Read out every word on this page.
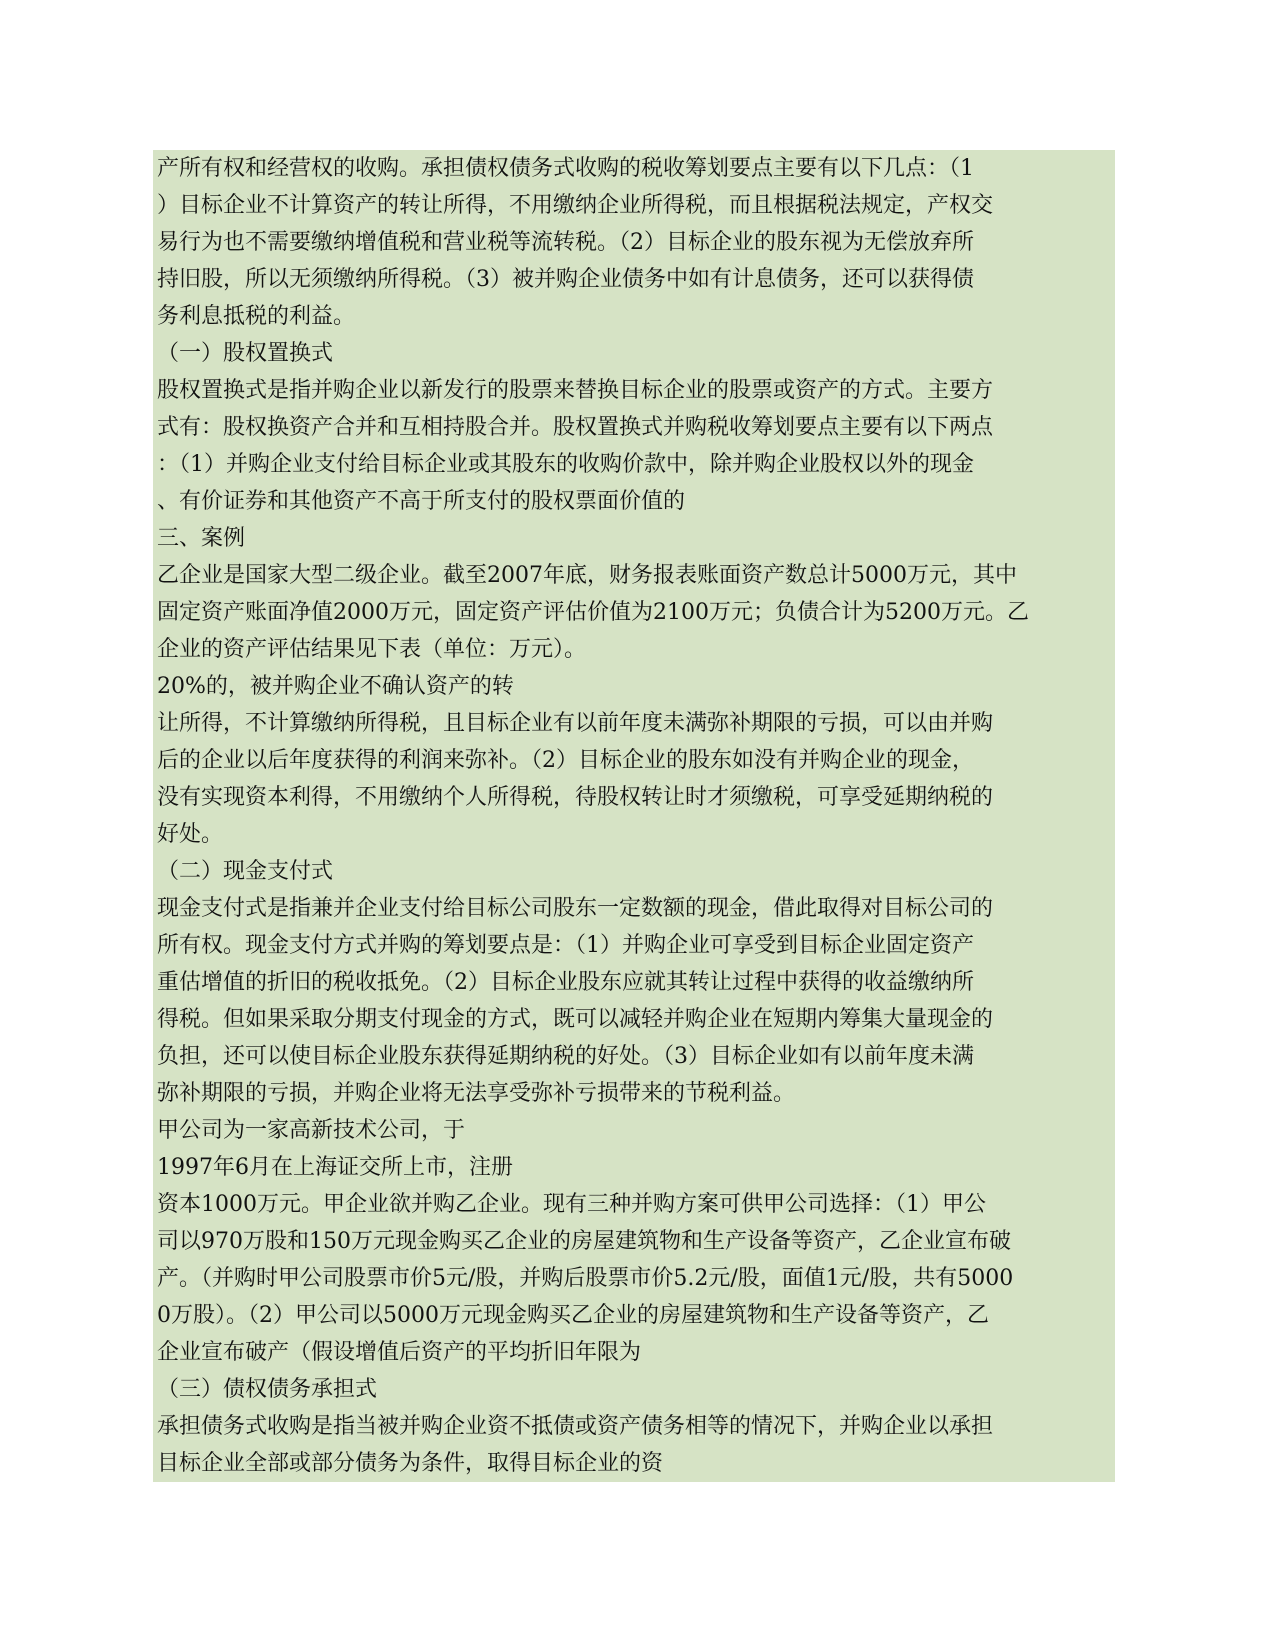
产所有权和经营权的收购。承担债权债务式收购的税收筹划要点主要有以下几点：（1
）目标企业不计算资产的转让所得，不用缴纳企业所得税，而且根据税法规定，产权交
易行为也不需要缴纳增值税和营业税等流转税。（2）目标企业的股东视为无偿放弃所
持旧股，所以无须缴纳所得税。（3）被并购企业债务中如有计息债务，还可以获得债
务利息抵税的利益。
（一）股权置换式
股权置换式是指并购企业以新发行的股票来替换目标企业的股票或资产的方式。主要方
式有：股权换资产合并和互相持股合并。股权置换式并购税收筹划要点主要有以下两点
：（1）并购企业支付给目标企业或其股东的收购价款中，除并购企业股权以外的现金
、有价证券和其他资产不高于所支付的股权票面价值的
三、案例
乙企业是国家大型二级企业。截至2007年底，财务报表账面资产数总计5000万元，其中
固定资产账面净值2000万元，固定资产评估价值为2100万元；负债合计为5200万元。乙
企业的资产评估结果见下表（单位：万元）。
20%的，被并购企业不确认资产的转
让所得，不计算缴纳所得税，且目标企业有以前年度未满弥补期限的亏损，可以由并购
后的企业以后年度获得的利润来弥补。（2）目标企业的股东如没有并购企业的现金，
没有实现资本利得，不用缴纳个人所得税，待股权转让时才须缴税，可享受延期纳税的
好处。
（二）现金支付式
现金支付式是指兼并企业支付给目标公司股东一定数额的现金，借此取得对目标公司的
所有权。现金支付方式并购的筹划要点是：（1）并购企业可享受到目标企业固定资产
重估增值的折旧的税收抵免。（2）目标企业股东应就其转让过程中获得的收益缴纳所
得税。但如果采取分期支付现金的方式，既可以减轻并购企业在短期内筹集大量现金的
负担，还可以使目标企业股东获得延期纳税的好处。（3）目标企业如有以前年度未满
弥补期限的亏损，并购企业将无法享受弥补亏损带来的节税利益。
甲公司为一家高新技术公司，于
1997年6月在上海证交所上市，注册
资本1000万元。甲企业欲并购乙企业。现有三种并购方案可供甲公司选择：（1）甲公
司以970万股和150万元现金购买乙企业的房屋建筑物和生产设备等资产，乙企业宣布破
产。（并购时甲公司股票市价5元/股，并购后股票市价5.2元/股，面值1元/股，共有5000
0万股）。（2）甲公司以5000万元现金购买乙企业的房屋建筑物和生产设备等资产，乙
企业宣布破产（假设增值后资产的平均折旧年限为
（三）债权债务承担式
承担债务式收购是指当被并购企业资不抵债或资产债务相等的情况下，并购企业以承担
目标企业全部或部分债务为条件，取得目标企业的资
